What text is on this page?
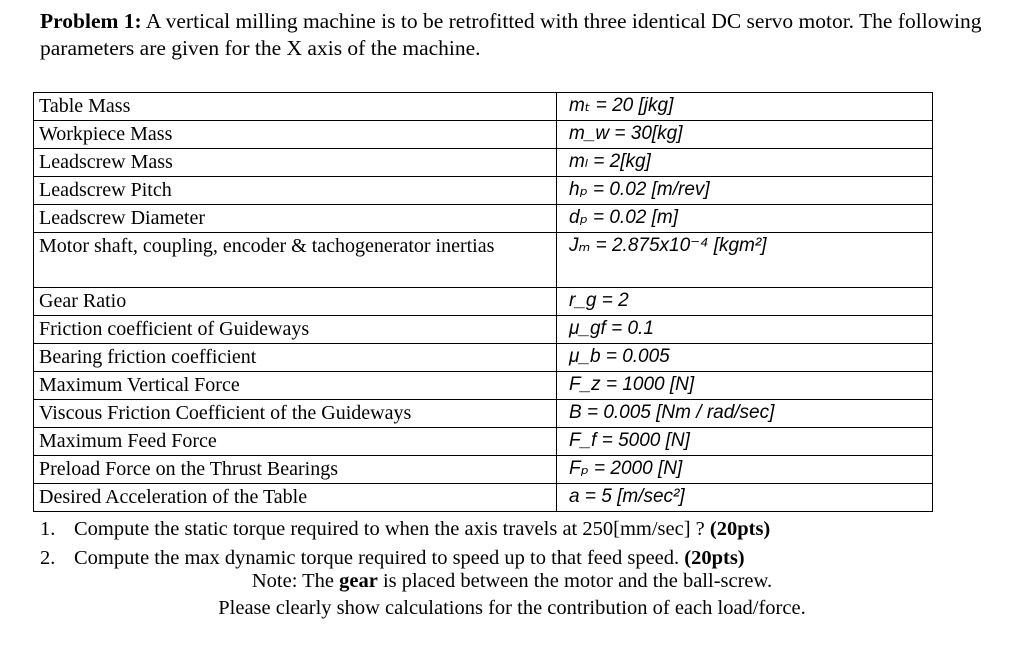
Problem 1: A vertical milling machine is to be retrofitted with three identical DC servo motor. The following parameters are given for the X axis of the machine.
Table Mass	mₜ = 20 [jkg]
Workpiece Mass	m_w = 30[kg]
Leadscrew Mass	mₗ = 2[kg]
Leadscrew Pitch	hₚ = 0.02 [m/rev]
Leadscrew Diameter	dₚ = 0.02 [m]
Motor shaft, coupling, encoder & tachogenerator inertias	Jₘ = 2.875x10⁻⁴ [kgm²]
Gear Ratio	r_g = 2
Friction coefficient of Guideways	μ_gf = 0.1
Bearing friction coefficient	μ_b = 0.005
Maximum Vertical Force	F_z = 1000 [N]
Viscous Friction Coefficient of the Guideways	B = 0.005 [Nm / rad/sec]
Maximum Feed Force	F_f = 5000 [N]
Preload Force on the Thrust Bearings	Fₚ = 2000 [N]
Desired Acceleration of the Table	a = 5 [m/sec²]
1. Compute the static torque required to when the axis travels at 250[mm/sec] ? (20pts)
2. Compute the max dynamic torque required to speed up to that feed speed. (20pts)
Note: The gear is placed between the motor and the ball-screw.
Please clearly show calculations for the contribution of each load/force.
